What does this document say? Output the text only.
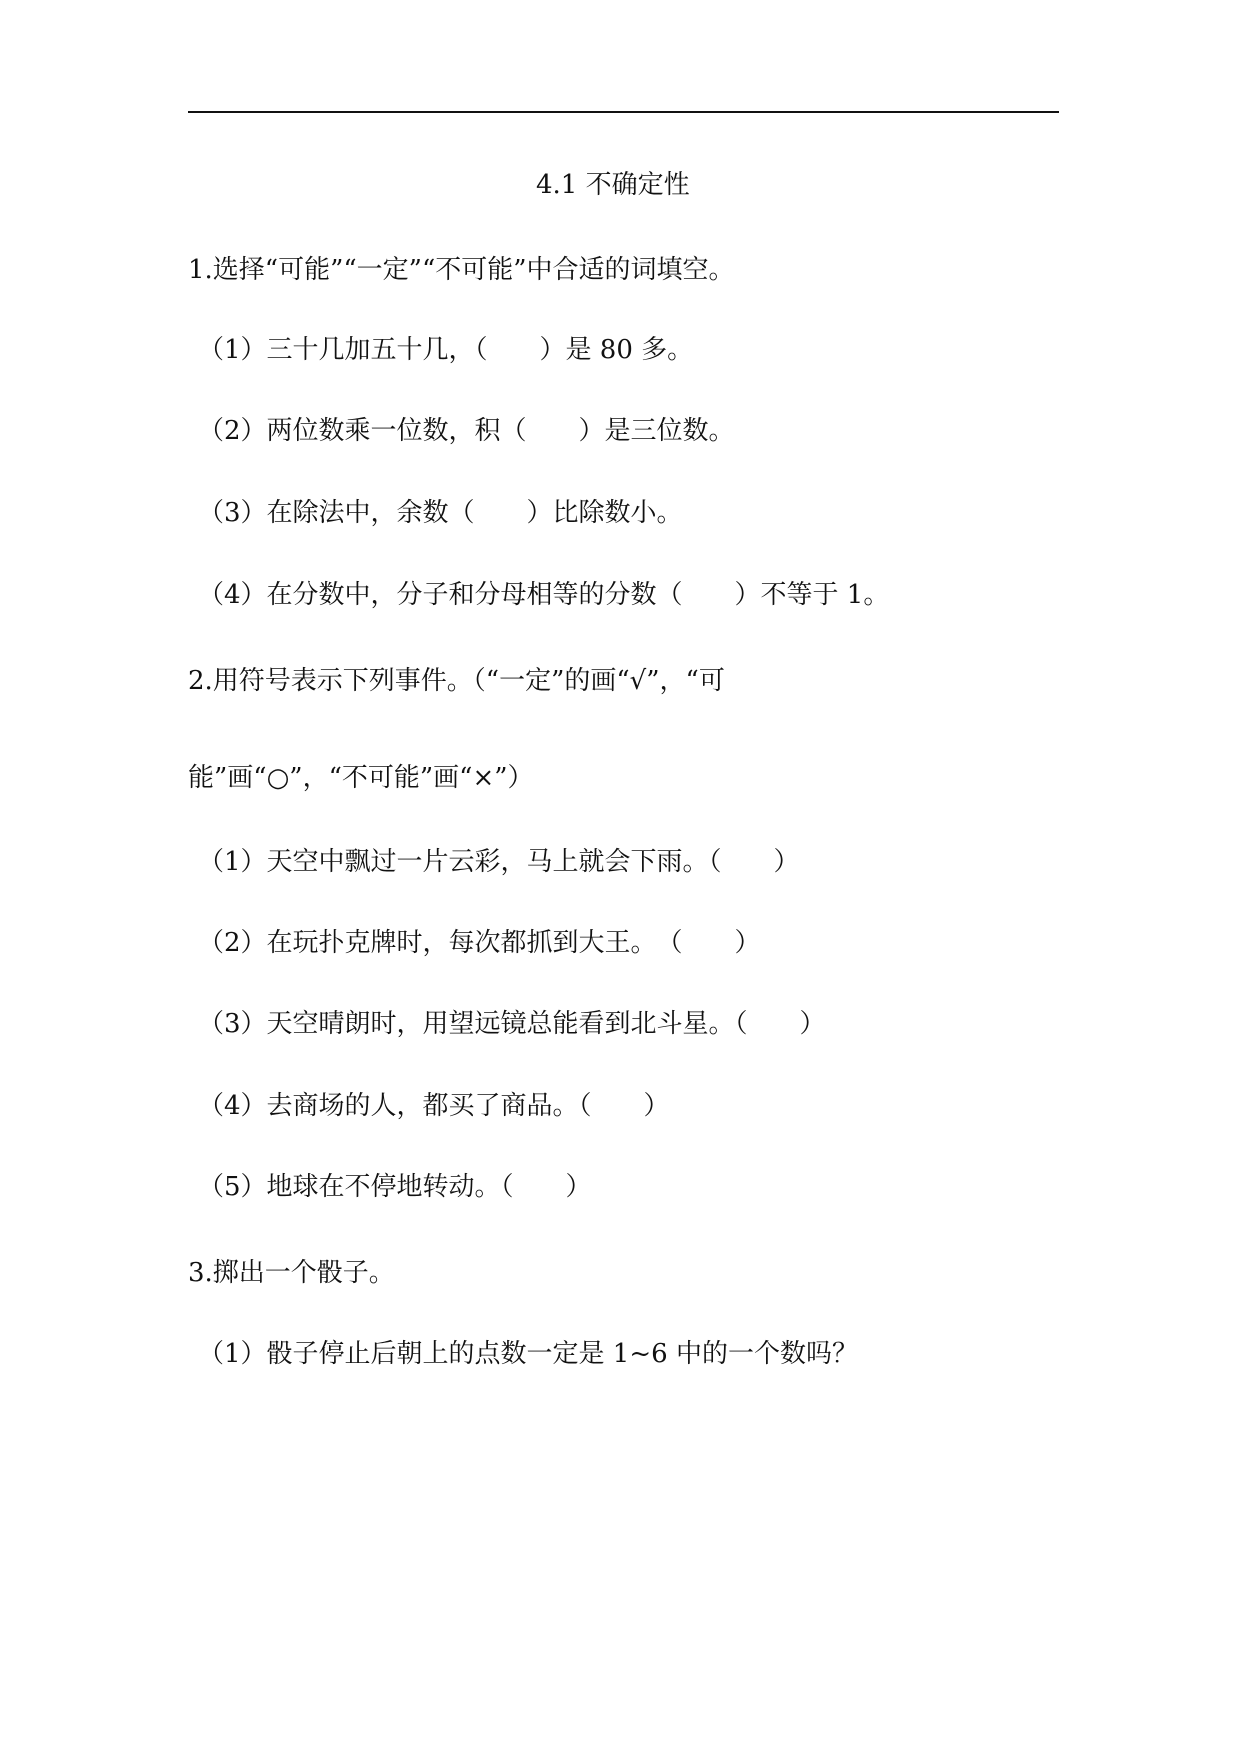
4.1 不确定性
1.选择“可能”“一定”“不可能”中合适的词填空。
（1）三十几加五十几，（　　）是 80 多。
（2）两位数乘一位数，积（　　）是三位数。
（3）在除法中，余数（　　）比除数小。
（4）在分数中，分子和分母相等的分数（　　）不等于 1。
2.用符号表示下列事件。（“一定”的画“√”，“可
能”画“○”，“不可能”画“×”）
（1）天空中飘过一片云彩，马上就会下雨。（　　）
（2）在玩扑克牌时，每次都抓到大王。　（　　）
（3）天空晴朗时，用望远镜总能看到北斗星。（　　）
（4）去商场的人，都买了商品。（　　）
（5）地球在不停地转动。（　　）
3.掷出一个骰子。
（1）骰子停止后朝上的点数一定是 1~6 中的一个数吗？
